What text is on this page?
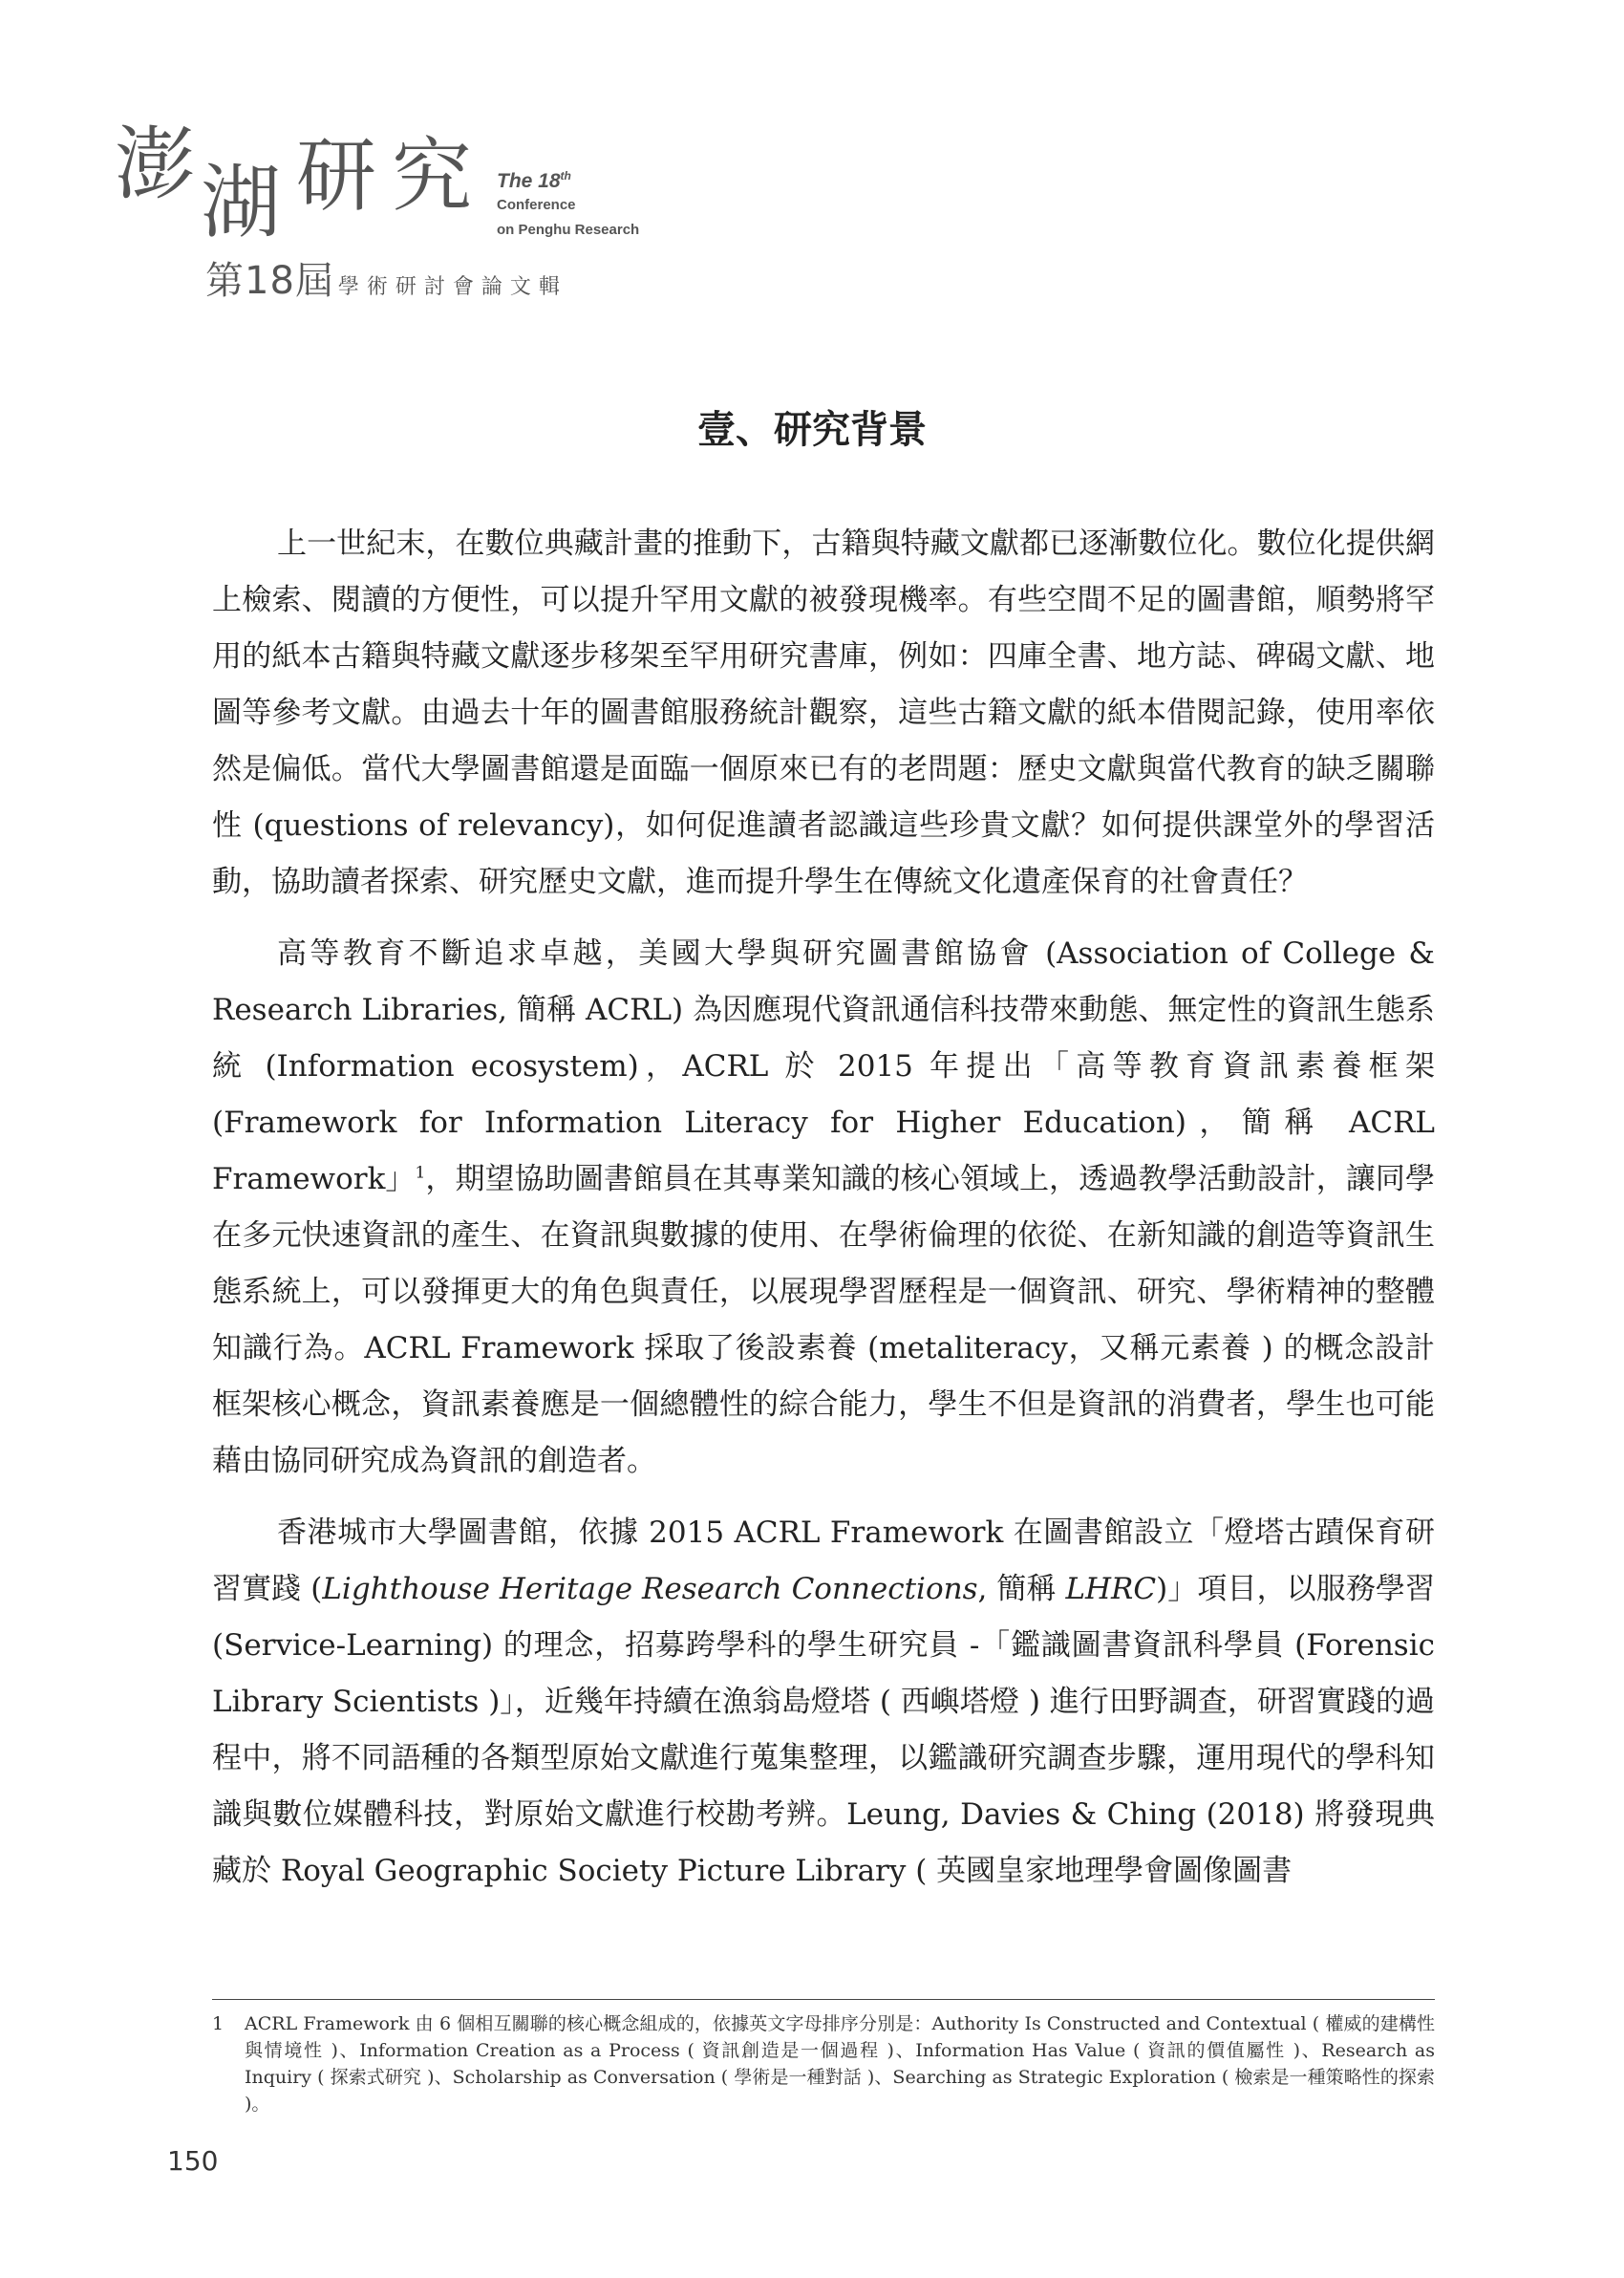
澎 湖 研 究 The 18th
Conference
on Penghu Research
第18屆 學術研討會論文輯
壹、研究背景

上一世紀末，在數位典藏計畫的推動下，古籍與特藏文獻都已逐漸數位化。數位化提供網上檢索、閱讀的方便性，可以提升罕用文獻的被發現機率。有些空間不足的圖書館，順勢將罕用的紙本古籍與特藏文獻逐步移架至罕用研究書庫，例如：四庫全書、地方誌、碑碣文獻、地圖等參考文獻。由過去十年的圖書館服務統計觀察，這些古籍文獻的紙本借閱記錄，使用率依然是偏低。當代大學圖書館還是面臨一個原來已有的老問題：歷史文獻與當代教育的缺乏關聯性 (questions of relevancy)，如何促進讀者認識這些珍貴文獻？如何提供課堂外的學習活動，協助讀者探索、研究歷史文獻，進而提升學生在傳統文化遺產保育的社會責任？

高等教育不斷追求卓越，美國大學與研究圖書館協會 (Association of College & Research Libraries, 簡稱 ACRL) 為因應現代資訊通信科技帶來動態、無定性的資訊生態系統 (Information ecosystem)，ACRL 於 2015 年提出「高等教育資訊素養框架 (Framework for Information Literacy for Higher Education)，簡稱 ACRL Framework」$^1$，期望協助圖書館員在其專業知識的核心領域上，透過教學活動設計，讓同學在多元快速資訊的產生、在資訊與數據的使用、在學術倫理的依從、在新知識的創造等資訊生態系統上，可以發揮更大的角色與責任，以展現學習歷程是一個資訊、研究、學術精神的整體知識行為。ACRL Framework 採取了後設素養 (metaliteracy，又稱元素養 ) 的概念設計框架核心概念，資訊素養應是一個總體性的綜合能力，學生不但是資訊的消費者，學生也可能藉由協同研究成為資訊的創造者。

香港城市大學圖書館，依據 2015 ACRL Framework 在圖書館設立「燈塔古蹟保育研習實踐 (Lighthouse Heritage Research Connections, 簡稱 LHRC)」項目，以服務學習 (Service-Learning) 的理念，招募跨學科的學生研究員 -「鑑識圖書資訊科學員 (Forensic Library Scientists )」，近幾年持續在漁翁島燈塔 ( 西嶼塔燈 ) 進行田野調查，研習實踐的過程中，將不同語種的各類型原始文獻進行蒐集整理，以鑑識研究調查步驟，運用現代的學科知識與數位媒體科技，對原始文獻進行校勘考辨。Leung, Davies & Ching (2018) 將發現典藏於 Royal Geographic Society Picture Library ( 英國皇家地理學會圖像圖書

1 ACRL Framework 由 6 個相互關聯的核心概念組成的，依據英文字母排序分別是：Authority Is Constructed and Contextual ( 權威的建構性與情境性 )、Information Creation as a Process ( 資訊創造是一個過程 )、Information Has Value ( 資訊的價值屬性 )、Research as Inquiry ( 探索式研究 )、Scholarship as Conversation ( 學術是一種對話 )、Searching as Strategic Exploration ( 檢索是一種策略性的探索 )。
150
